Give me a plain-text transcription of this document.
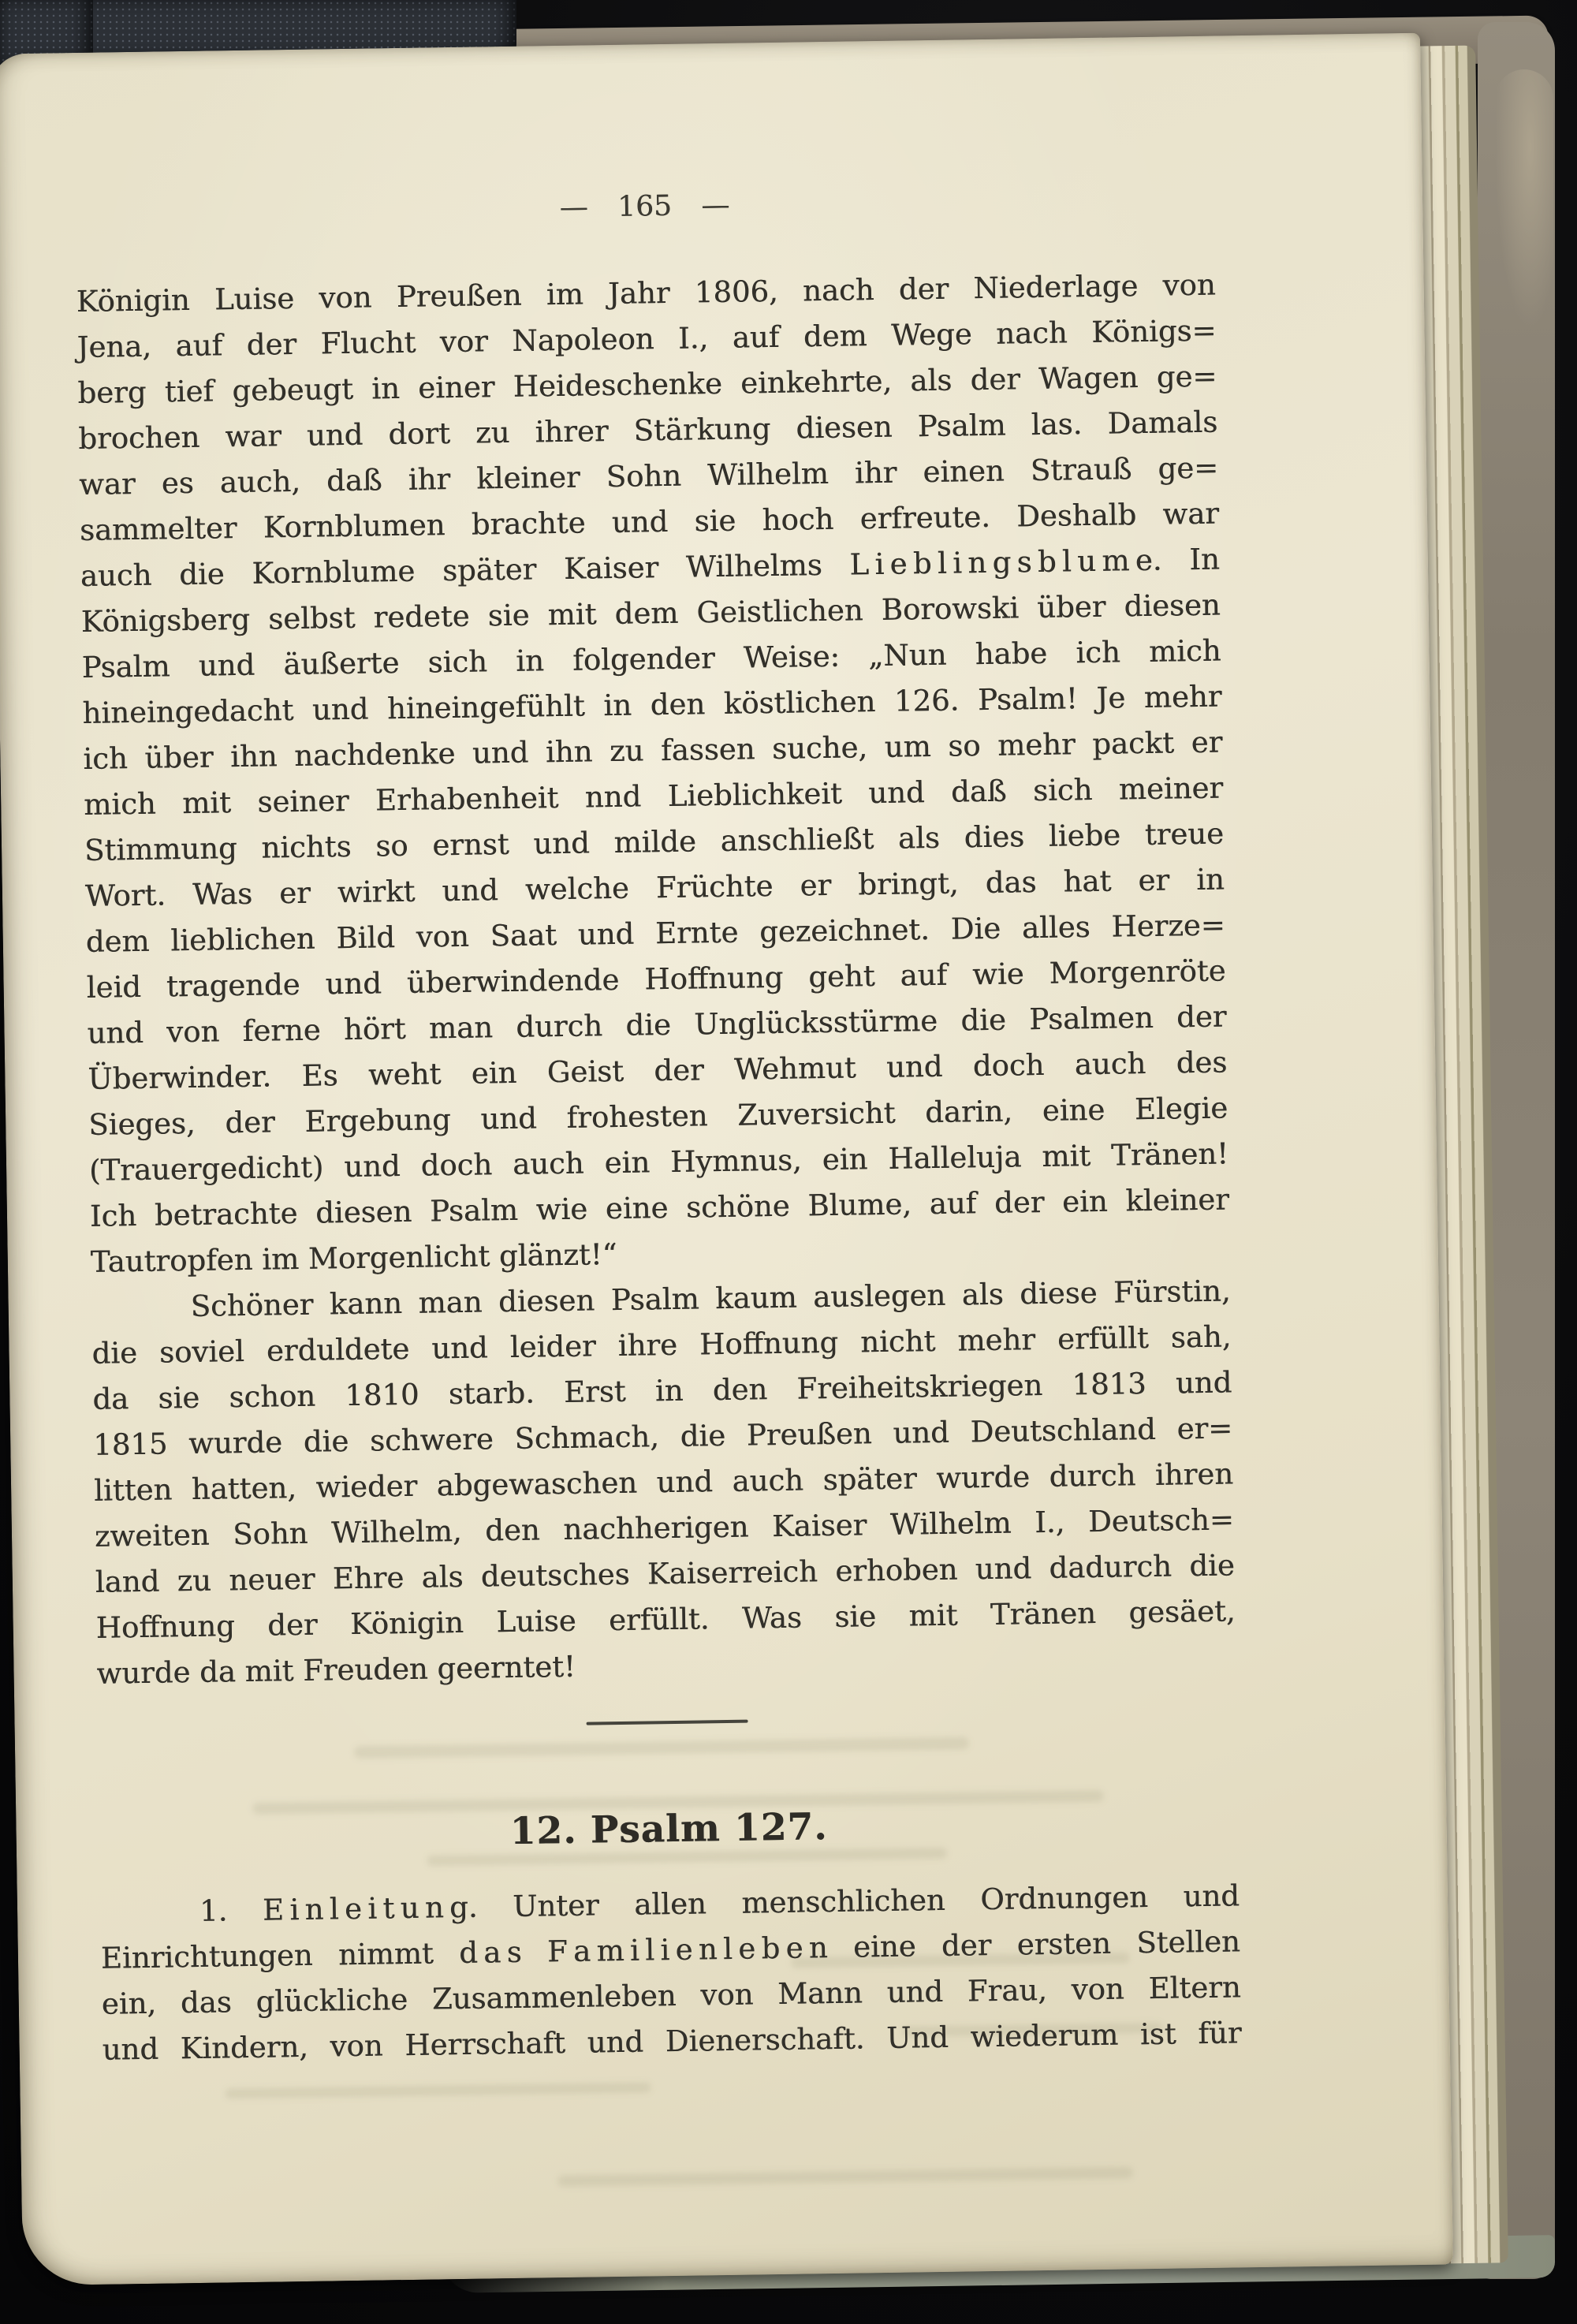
— 165 —
Königin Luise von Preußen im Jahr 1806, nach der Niederlage von
Jena, auf der Flucht vor Napoleon I., auf dem Wege nach Königs=
berg tief gebeugt in einer Heideschenke einkehrte, als der Wagen ge=
brochen war und dort zu ihrer Stärkung diesen Psalm las. Damals
war es auch, daß ihr kleiner Sohn Wilhelm ihr einen Strauß ge=
sammelter Kornblumen brachte und sie hoch erfreute. Deshalb war
auch die Kornblume später Kaiser Wilhelms L  i  e  b  l  i  n  g  s  b  l  u  m  e. In
Königsberg selbst redete sie mit dem Geistlichen Borowski über diesen
Psalm und äußerte sich in folgender Weise: „Nun habe ich mich
hineingedacht und hineingefühlt in den köstlichen 126. Psalm! Je mehr
ich über ihn nachdenke und ihn zu fassen suche, um so mehr packt er
mich mit seiner Erhabenheit nnd Lieblichkeit und daß sich meiner
Stimmung nichts so ernst und milde anschließt als dies liebe treue
Wort. Was er wirkt und welche Früchte er bringt, das hat er in
dem lieblichen Bild von Saat und Ernte gezeichnet. Die alles Herze=
leid tragende und überwindende Hoffnung geht auf wie Morgenröte
und von ferne hört man durch die Unglücksstürme die Psalmen der
Überwinder. Es weht ein Geist der Wehmut und doch auch des
Sieges, der Ergebung und frohesten Zuversicht darin, eine Elegie
(Trauergedicht) und doch auch ein Hymnus, ein Halleluja mit Tränen!
Ich betrachte diesen Psalm wie eine schöne Blume, auf der ein kleiner
Tautropfen im Morgenlicht glänzt!“
Schöner kann man diesen Psalm kaum auslegen als diese Fürstin,
die soviel erduldete und leider ihre Hoffnung nicht mehr erfüllt sah,
da sie schon 1810 starb. Erst in den Freiheitskriegen 1813 und
1815 wurde die schwere Schmach, die Preußen und Deutschland er=
litten hatten, wieder abgewaschen und auch später wurde durch ihren
zweiten Sohn Wilhelm, den nachherigen Kaiser Wilhelm I., Deutsch=
land zu neuer Ehre als deutsches Kaiserreich erhoben und dadurch die
Hoffnung der Königin Luise erfüllt. Was sie mit Tränen gesäet,
wurde da mit Freuden geerntet!
12. Psalm 127.
1. E  i  n  l  e  i  t  u  n  g. Unter allen menschlichen Ordnungen und
Einrichtungen nimmt d  a  s F  a  m  i  l  i  e  n  l  e  b  e  n eine der ersten Stellen
ein, das glückliche Zusammenleben von Mann und Frau, von Eltern
und Kindern, von Herrschaft und Dienerschaft. Und wiederum ist für
